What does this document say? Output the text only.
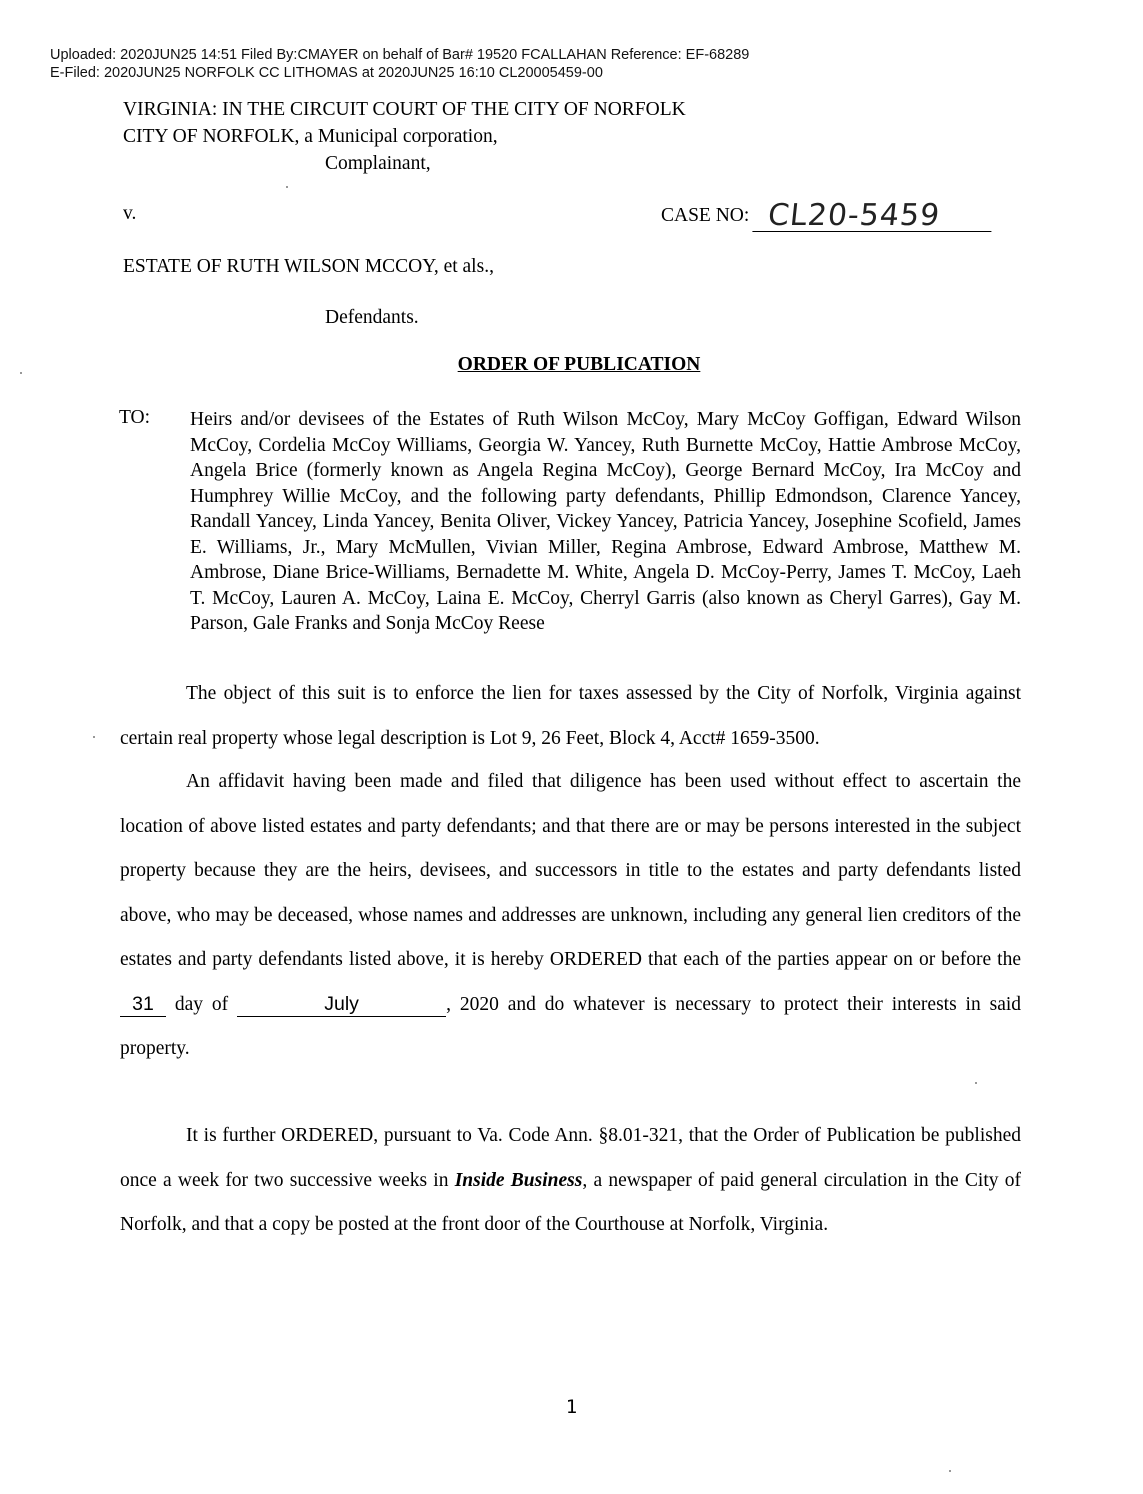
Uploaded: 2020JUN25 14:51 Filed By:CMAYER on behalf of Bar# 19520 FCALLAHAN Reference: EF-68289
E-Filed: 2020JUN25 NORFOLK CC LITHOMAS at 2020JUN25 16:10 CL20005459-00
VIRGINIA: IN THE CIRCUIT COURT OF THE CITY OF NORFOLK
CITY OF NORFOLK, a Municipal corporation,
Complainant,
v.	CASE NO: CL20-5459
ESTATE OF RUTH WILSON MCCOY, et als.,
Defendants.
ORDER OF PUBLICATION
TO: Heirs and/or devisees of the Estates of Ruth Wilson McCoy, Mary McCoy Goffigan, Edward Wilson McCoy, Cordelia McCoy Williams, Georgia W. Yancey, Ruth Burnette McCoy, Hattie Ambrose McCoy, Angela Brice (formerly known as Angela Regina McCoy), George Bernard McCoy, Ira McCoy and Humphrey Willie McCoy, and the following party defendants, Phillip Edmondson, Clarence Yancey, Randall Yancey, Linda Yancey, Benita Oliver, Vickey Yancey, Patricia Yancey, Josephine Scofield, James E. Williams, Jr., Mary McMullen, Vivian Miller, Regina Ambrose, Edward Ambrose, Matthew M. Ambrose, Diane Brice-Williams, Bernadette M. White, Angela D. McCoy-Perry, James T. McCoy, Laeh T. McCoy, Lauren A. McCoy, Laina E. McCoy, Cherryl Garris (also known as Cheryl Garres), Gay M. Parson, Gale Franks and Sonja McCoy Reese

The object of this suit is to enforce the lien for taxes assessed by the City of Norfolk, Virginia against certain real property whose legal description is Lot 9, 26 Feet, Block 4, Acct# 1659-3500.

An affidavit having been made and filed that diligence has been used without effect to ascertain the location of above listed estates and party defendants; and that there are or may be persons interested in the subject property because they are the heirs, devisees, and successors in title to the estates and party defendants listed above, who may be deceased, whose names and addresses are unknown, including any general lien creditors of the estates and party defendants listed above, it is hereby ORDERED that each of the parties appear on or before the 31 day of	July	, 2020 and do whatever is necessary to protect their interests in said property.

It is further ORDERED, pursuant to Va. Code Ann. §8.01-321, that the Order of Publication be published once a week for two successive weeks in Inside Business, a newspaper of paid general circulation in the City of Norfolk, and that a copy be posted at the front door of the Courthouse at Norfolk, Virginia.

1
